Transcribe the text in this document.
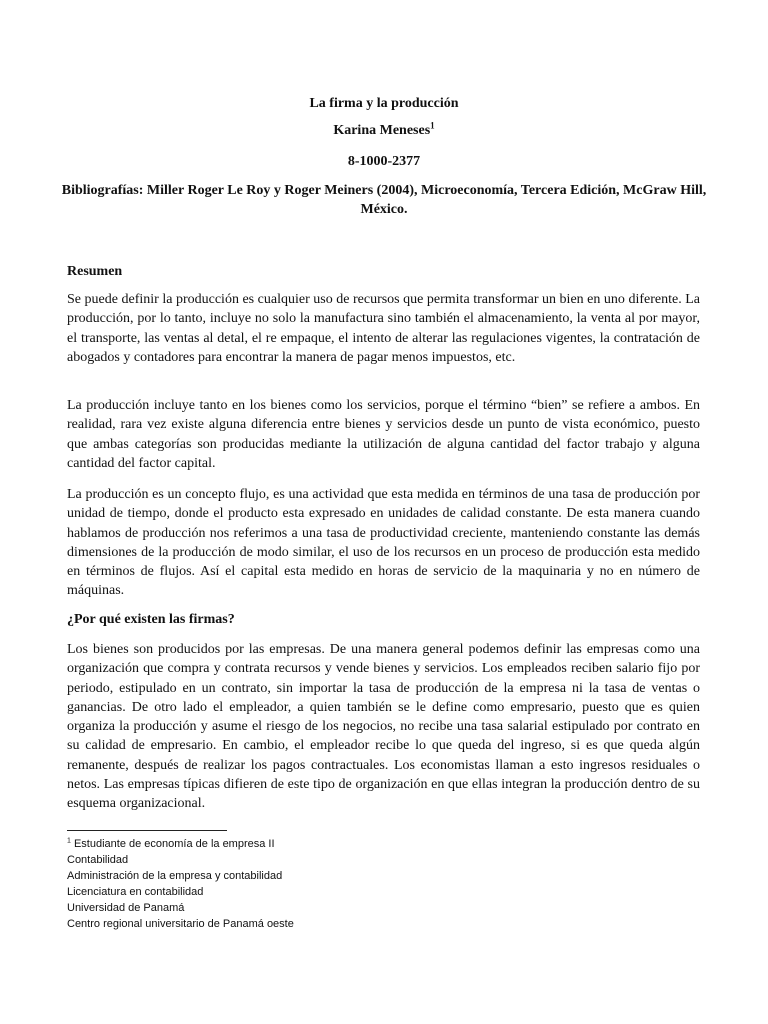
La firma y la producción
Karina Meneses$^1$
8-1000-2377
Bibliografías: Miller Roger Le Roy y Roger Meiners (2004), Microeconomía, Tercera Edición, McGraw Hill, México.

Resumen

Se puede definir la producción es cualquier uso de recursos que permita transformar un bien en uno diferente. La producción, por lo tanto, incluye no solo la manufactura sino también el almacenamiento, la venta al por mayor, el transporte, las ventas al detal, el re empaque, el intento de alterar las regulaciones vigentes, la contratación de abogados y contadores para encontrar la manera de pagar menos impuestos, etc.

La producción incluye tanto en los bienes como los servicios, porque el término “bien” se refiere a ambos. En realidad, rara vez existe alguna diferencia entre bienes y servicios desde un punto de vista económico, puesto que ambas categorías son producidas mediante la utilización de alguna cantidad del factor trabajo y alguna cantidad del factor capital.

La producción es un concepto flujo, es una actividad que esta medida en términos de una tasa de producción por unidad de tiempo, donde el producto esta expresado en unidades de calidad constante. De esta manera cuando hablamos de producción nos referimos a una tasa de productividad creciente, manteniendo constante las demás dimensiones de la producción de modo similar, el uso de los recursos en un proceso de producción esta medido en términos de flujos. Así el capital esta medido en horas de servicio de la maquinaria y no en número de máquinas.

¿Por qué existen las firmas?

Los bienes son producidos por las empresas. De una manera general podemos definir las empresas como una organización que compra y contrata recursos y vende bienes y servicios. Los empleados reciben salario fijo por periodo, estipulado en un contrato, sin importar la tasa de producción de la empresa ni la tasa de ventas o ganancias. De otro lado el empleador, a quien también se le define como empresario, puesto que es quien organiza la producción y asume el riesgo de los negocios, no recibe una tasa salarial estipulado por contrato en su calidad de empresario. En cambio, el empleador recibe lo que queda del ingreso, si es que queda algún remanente, después de realizar los pagos contractuales. Los economistas llaman a esto ingresos residuales o netos. Las empresas típicas difieren de este tipo de organización en que ellas integran la producción dentro de su esquema organizacional.

$^1$ Estudiante de economía de la empresa II
Contabilidad
Administración de la empresa y contabilidad
Licenciatura en contabilidad
Universidad de Panamá
Centro regional universitario de Panamá oeste
